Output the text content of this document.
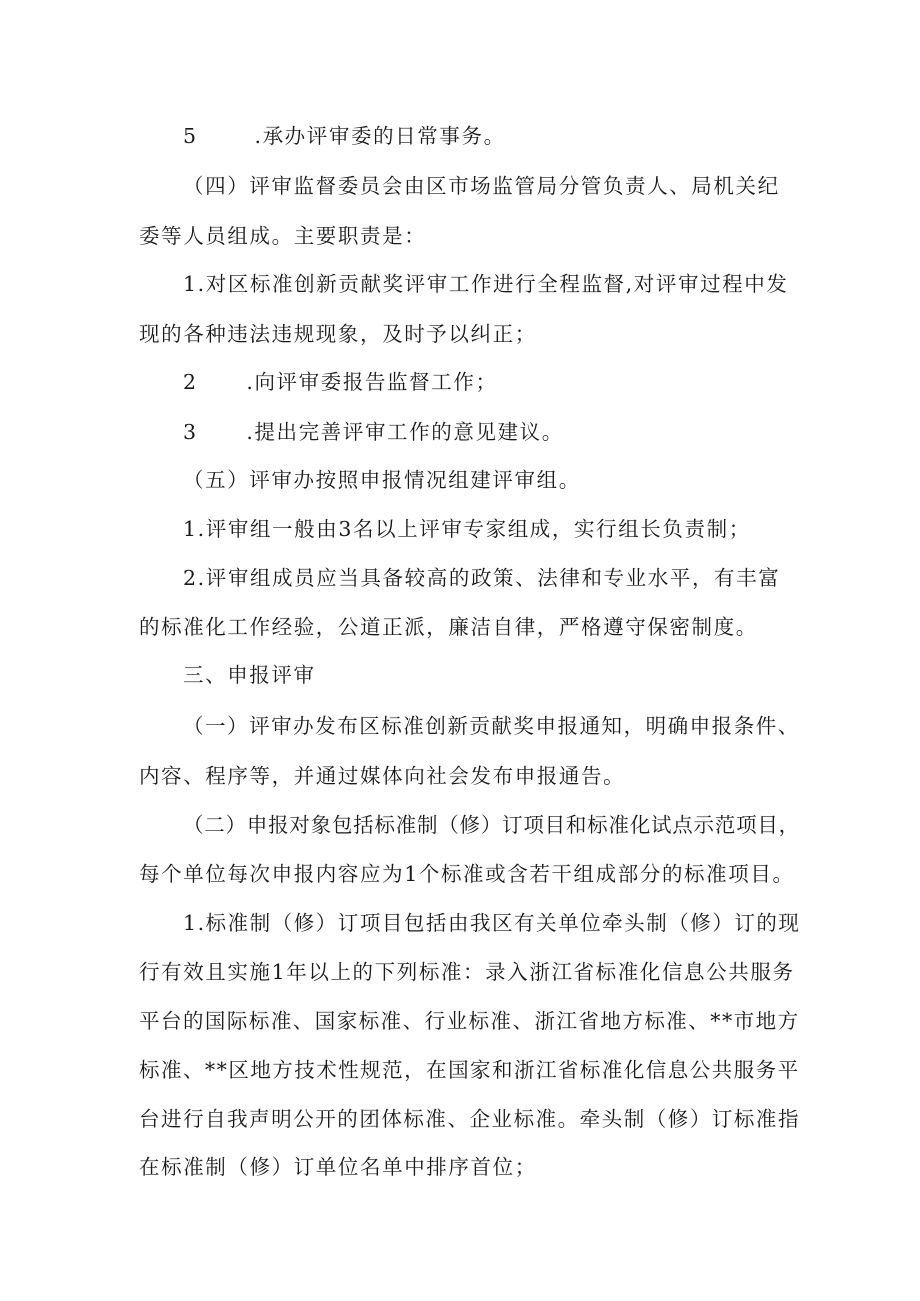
5       .承办评审委的日常事务。
（四）评审监督委员会由区市场监管局分管负责人、局机关纪
委等人员组成。主要职责是：
1.对区标准创新贡献奖评审工作进行全程监督,对评审过程中发
现的各种违法违规现象，及时予以纠正；
2      .向评审委报告监督工作；
3      .提出完善评审工作的意见建议。
（五）评审办按照申报情况组建评审组。
1.评审组一般由3名以上评审专家组成，实行组长负责制；
2.评审组成员应当具备较高的政策、法律和专业水平，有丰富
的标准化工作经验，公道正派，廉洁自律，严格遵守保密制度。
三、申报评审
（一）评审办发布区标准创新贡献奖申报通知，明确申报条件、
内容、程序等，并通过媒体向社会发布申报通告。
（二）申报对象包括标准制（修）订项目和标准化试点示范项目，
每个单位每次申报内容应为1个标准或含若干组成部分的标准项目。
1.标准制（修）订项目包括由我区有关单位牵头制（修）订的现
行有效且实施1年以上的下列标准：录入浙江省标准化信息公共服务
平台的国际标准、国家标准、行业标准、浙江省地方标准、**市地方
标准、**区地方技术性规范，在国家和浙江省标准化信息公共服务平
台进行自我声明公开的团体标准、企业标准。牵头制（修）订标准指
在标准制（修）订单位名单中排序首位；
